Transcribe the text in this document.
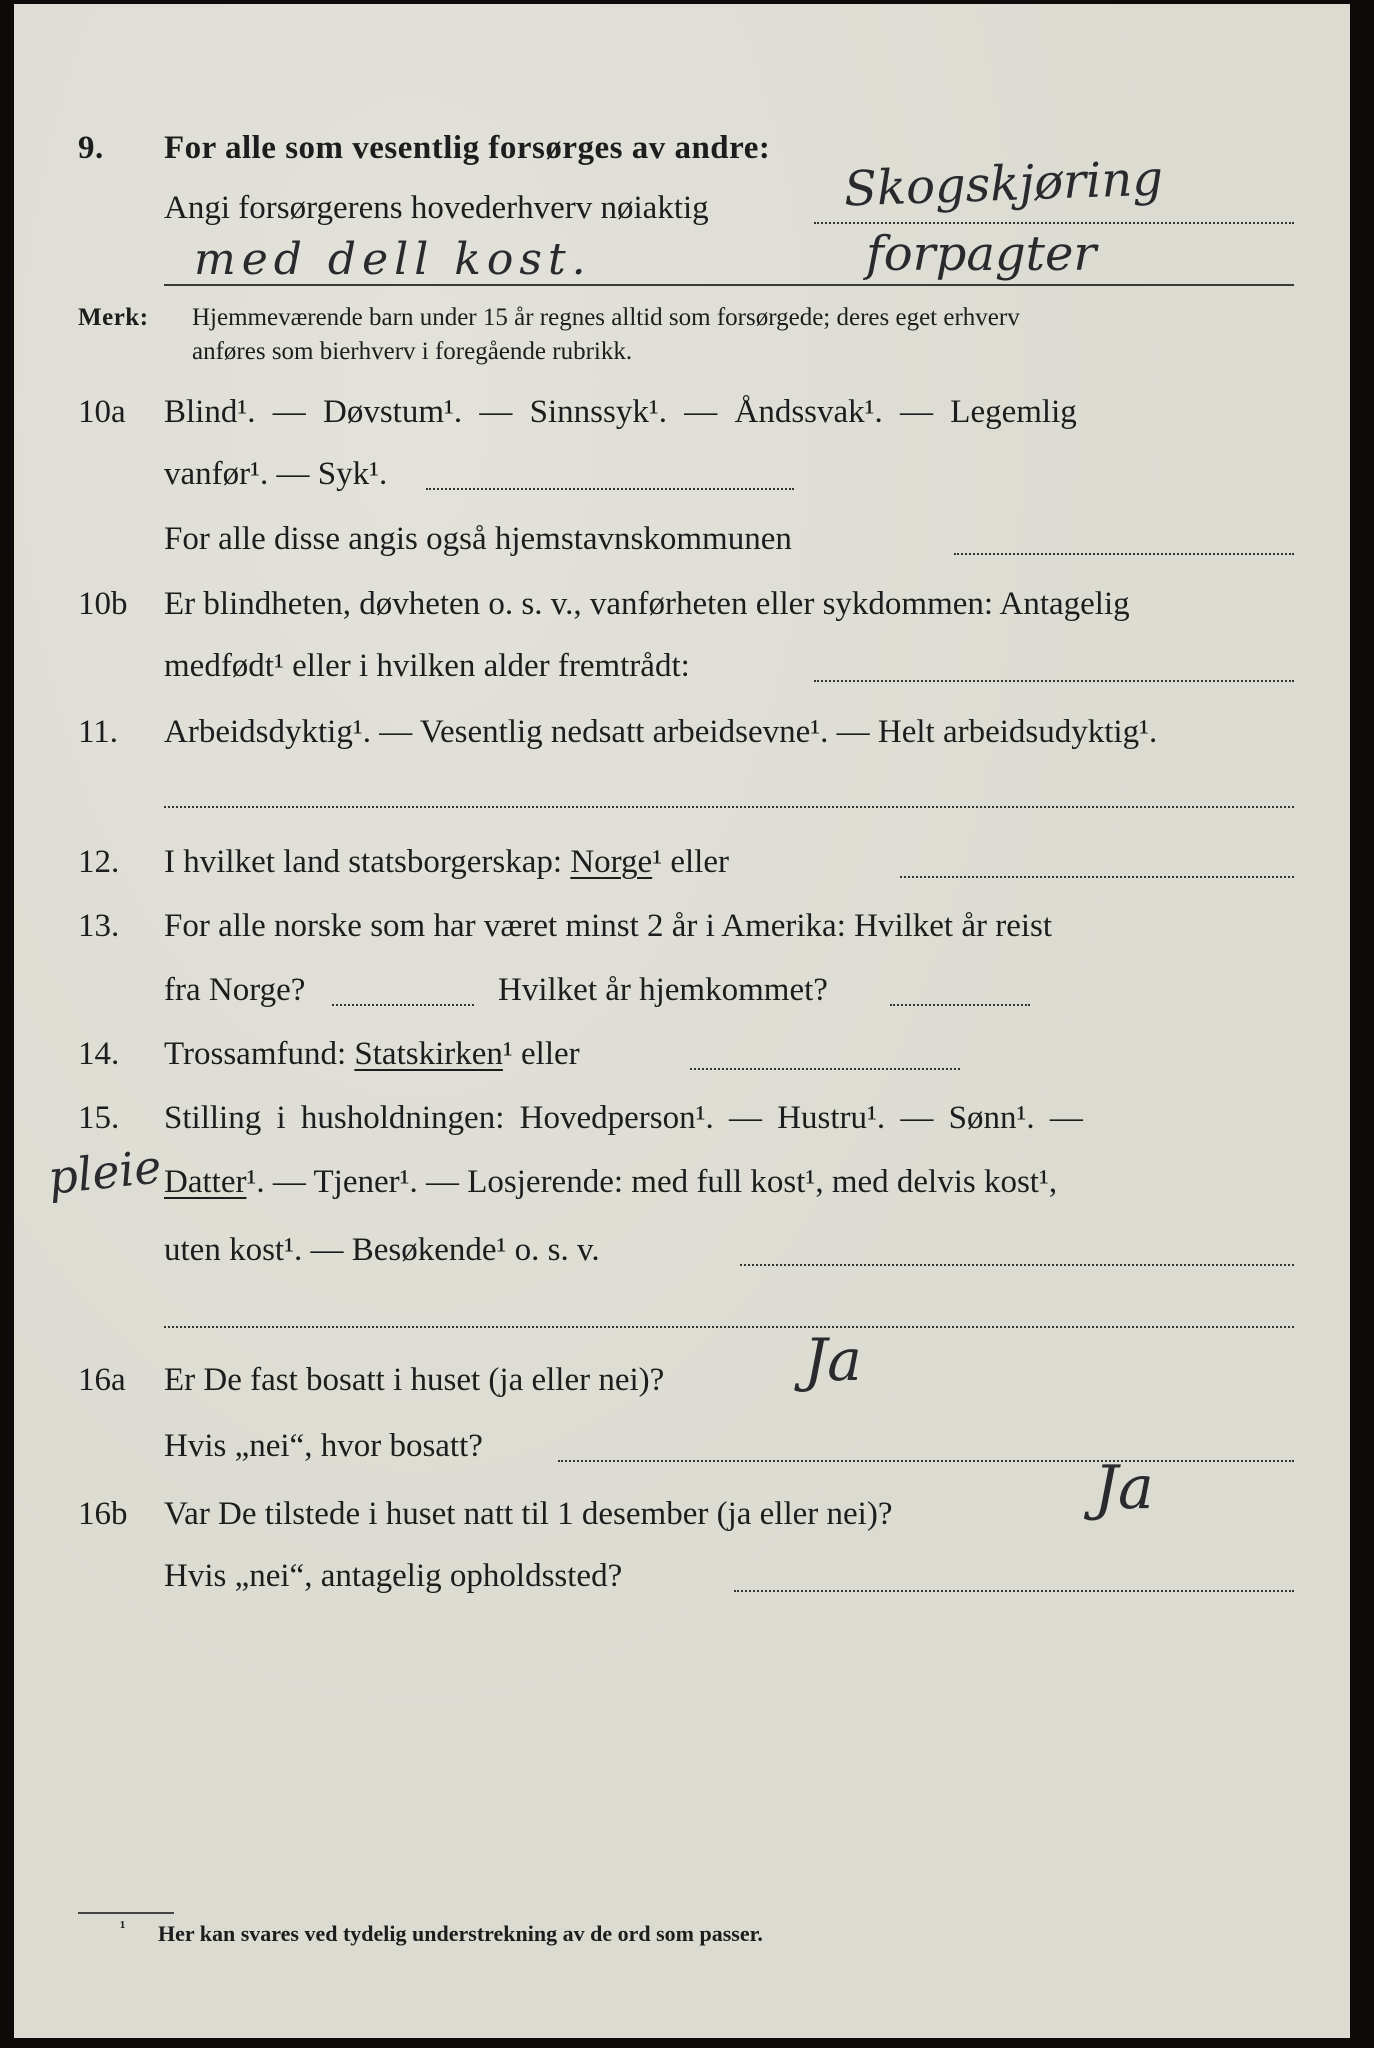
9. For alle som vesentlig forsørges av andre:
Angi forsørgerens hovederhverv nøiaktig	Skogskjøring
med dell kost.	forpagter
Merk: Hjemmeværende barn under 15 år regnes alltid som forsørgede; deres eget erhverv
anføres som bierhverv i foregående rubrikk.
10a Blind¹. — Døvstum¹. — Sinnssyk¹. — Åndssvak¹. — Legemlig
vanfør¹. — Syk¹.
For alle disse angis også hjemstavnskommunen
10b Er blindheten, døvheten o. s. v., vanførheten eller sykdommen: Antagelig
medfødt¹ eller i hvilken alder fremtrådt:
11. Arbeidsdyktig¹. — Vesentlig nedsatt arbeidsevne¹. — Helt arbeidsudyktig¹.
12. I hvilket land statsborgerskap: Norge¹ eller
13. For alle norske som har været minst 2 år i Amerika: Hvilket år reist
fra Norge?	Hvilket år hjemkommet?
14. Trossamfund: Statskirken¹ eller
15. Stilling i husholdningen: Hovedperson¹. — Hustru¹. — Sønn¹. —
pleie Datter¹. — Tjener¹. — Losjerende: med full kost¹, med delvis kost¹,
uten kost¹. — Besøkende¹ o. s. v.
16a Er De fast bosatt i huset (ja eller nei)? Ja
Hvis „nei“, hvor bosatt?
16b Var De tilstede i huset natt til 1 desember (ja eller nei)?	Ja
Hvis „nei“, antagelig opholdssted?
¹ Her kan svares ved tydelig understrekning av de ord som passer.
